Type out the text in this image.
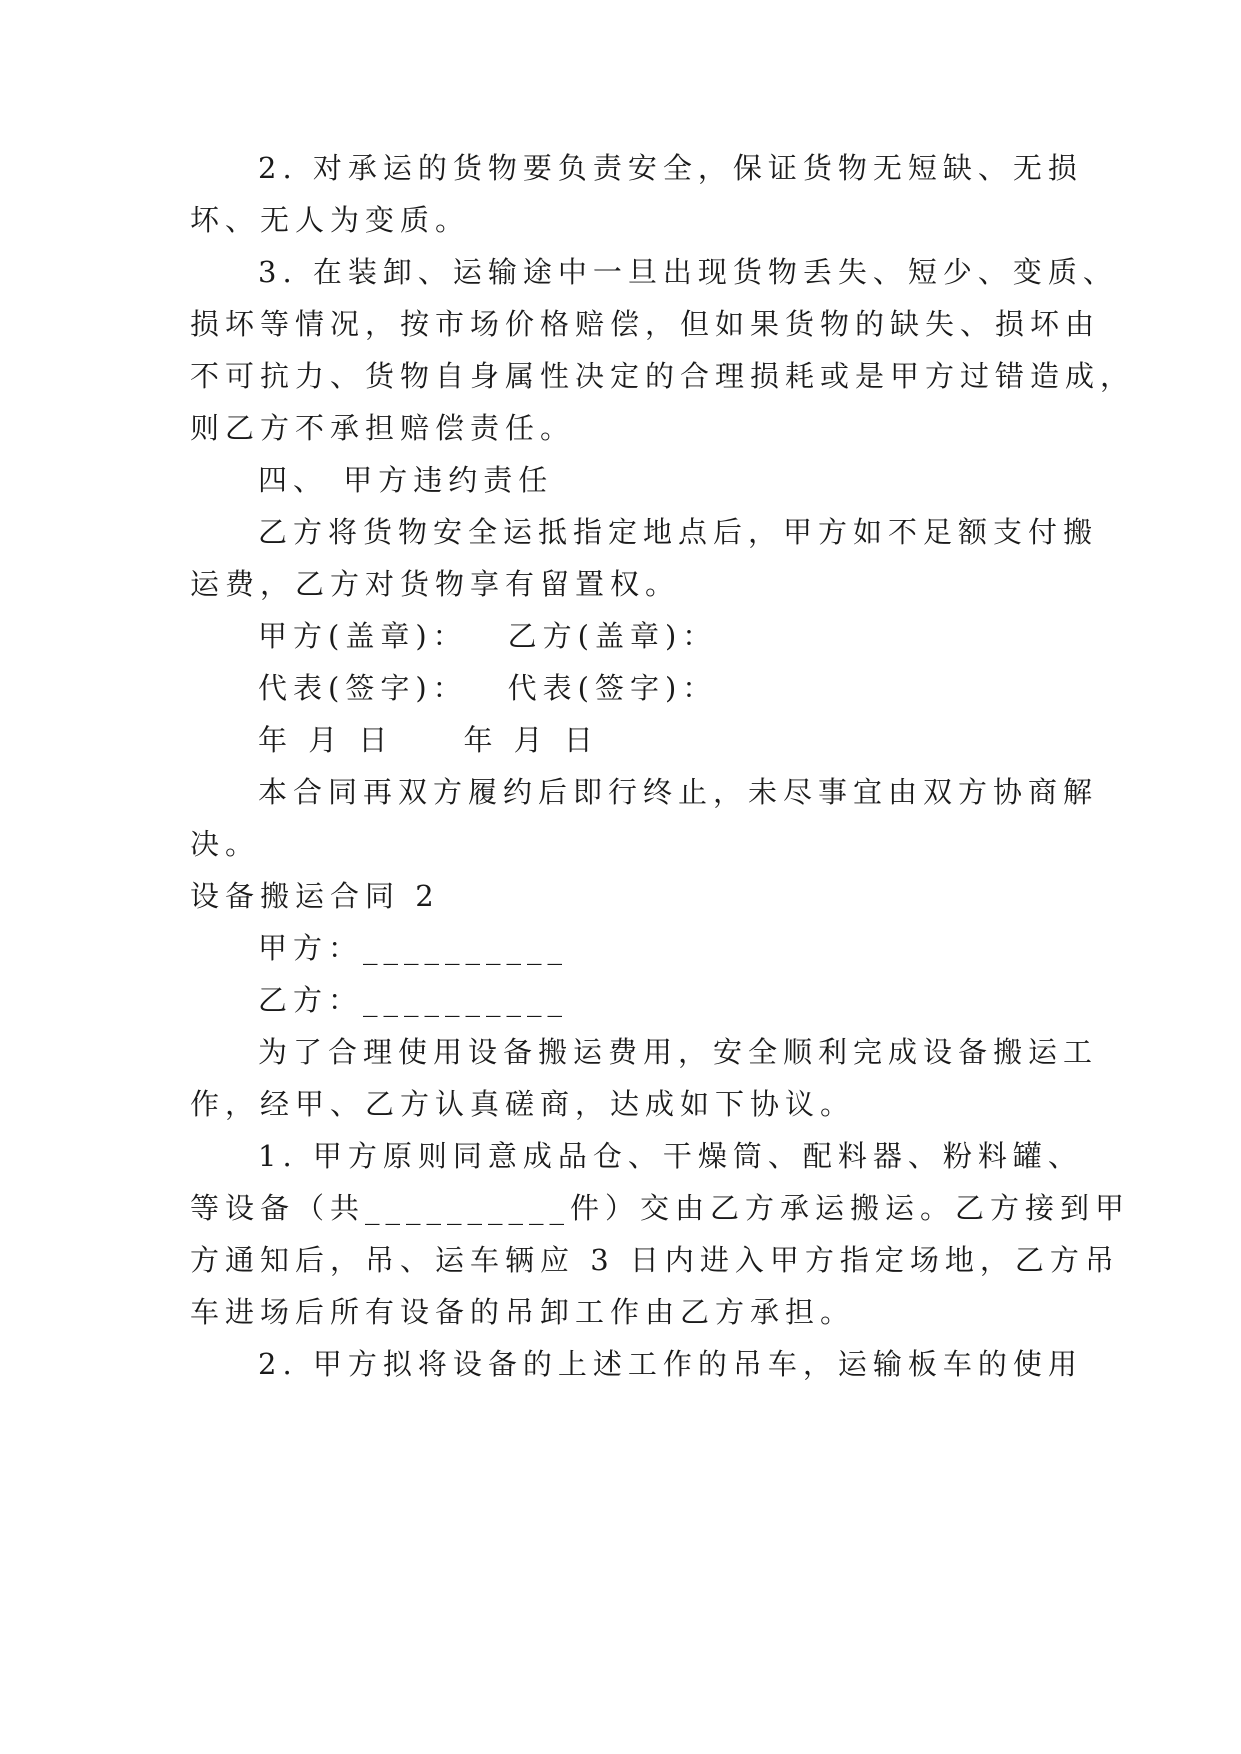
2. 对承运的货物要负责安全，保证货物无短缺、无损
坏、无人为变质。
3. 在装卸、运输途中一旦出现货物丢失、短少、变质、
损坏等情况，按市场价格赔偿，但如果货物的缺失、损坏由
不可抗力、货物自身属性决定的合理损耗或是甲方过错造成，
则乙方不承担赔偿责任。
四、 甲方违约责任
乙方将货物安全运抵指定地点后，甲方如不足额支付搬
运费，乙方对货物享有留置权。
甲方(盖章)： 乙方(盖章)：
代表(签字)： 代表(签字)：
年 月 日 年 月 日
本合同再双方履约后即行终止，未尽事宜由双方协商解
决。
设备搬运合同 2
甲方：__________
乙方：__________
为了合理使用设备搬运费用，安全顺利完成设备搬运工
作，经甲、乙方认真磋商，达成如下协议。
1. 甲方原则同意成品仓、干燥筒、配料器、粉料罐、
等设备（共__________件）交由乙方承运搬运。乙方接到甲
方通知后，吊、运车辆应 3 日内进入甲方指定场地，乙方吊
车进场后所有设备的吊卸工作由乙方承担。
2. 甲方拟将设备的上述工作的吊车，运输板车的使用
